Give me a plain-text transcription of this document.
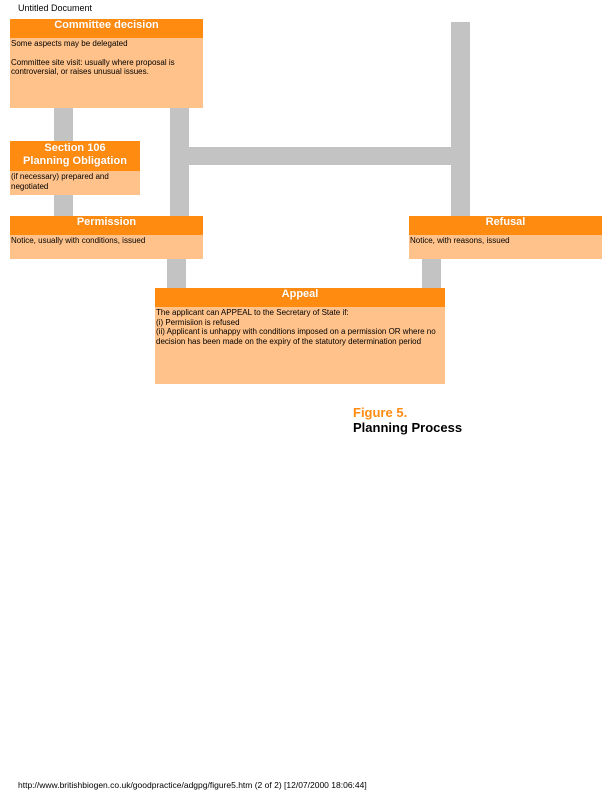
Untitled Document
Committee decision

Some aspects may be delegated

Committee site visit: usually where proposal is controversial, or raises unusual issues.

Section 106
Planning Obligation
(if necessary) prepared and negotiated
Permission
Notice, usually with conditions, issued
Refusal
Notice, with reasons, issued
Appeal
The applicant can APPEAL to the Secretary of State if:
(i) Permisiion is refused
(ii) Applicant is unhappy with conditions imposed on a permission OR where no decision has been made on the expiry of the statutory determination period
Figure 5.
Planning Process
http://www.britishbiogen.co.uk/goodpractice/adgpg/figure5.htm (2 of 2) [12/07/2000 18:06:44]
